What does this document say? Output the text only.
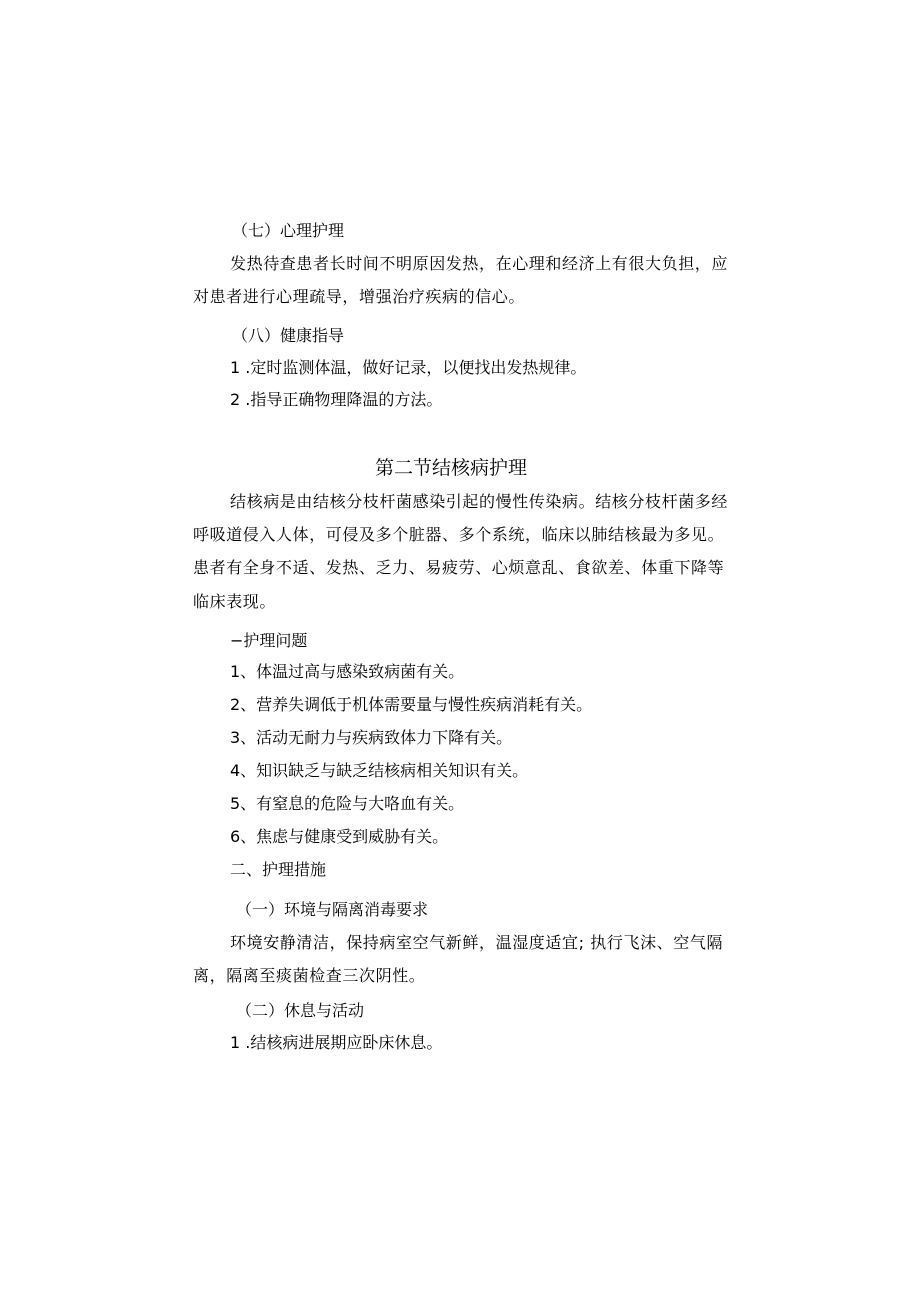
（七）心理护理
发热待查患者长时间不明原因发热，在心理和经济上有很大负担，应
对患者进行心理疏导，增强治疗疾病的信心。
（八）健康指导
1 .定时监测体温，做好记录，以便找出发热规律。
2 .指导正确物理降温的方法。
第二节结核病护理
结核病是由结核分枝杆菌感染引起的慢性传染病。结核分枝杆菌多经
呼吸道侵入人体，可侵及多个脏器、多个系统，临床以肺结核最为多见。
患者有全身不适、发热、乏力、易疲劳、心烦意乱、食欲差、体重下降等
临床表现。
−护理问题
1、体温过高与感染致病菌有关。
2、营养失调低于机体需要量与慢性疾病消耗有关。
3、活动无耐力与疾病致体力下降有关。
4、知识缺乏与缺乏结核病相关知识有关。
5、有窒息的危险与大咯血有关。
6、焦虑与健康受到威胁有关。
二、护理措施
（一）环境与隔离消毒要求
环境安静清洁，保持病室空气新鲜，温湿度适宜; 执行飞沫、空气隔
离，隔离至痰菌检查三次阴性。
（二）休息与活动
1 .结核病进展期应卧床休息。
